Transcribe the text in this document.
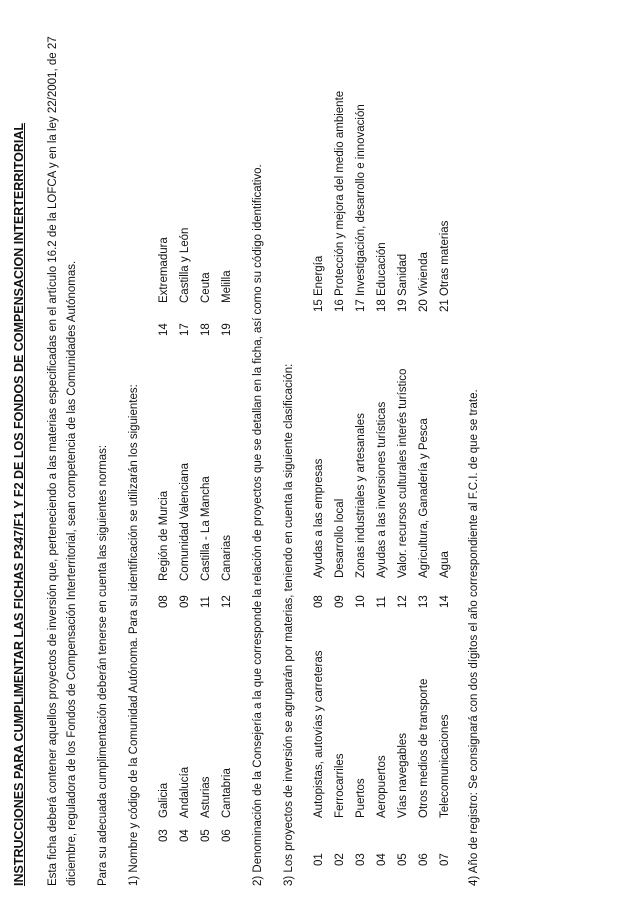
INSTRUCCIONES PARA CUMPLIMENTAR LAS FICHAS P347/F1 Y F2 DE LOS FONDOS DE COMPENSACION INTERTERRITORIAL Esta ficha deberá contener aquellos proyectos de inversión que, perteneciendo a las materias especificadas en el artículo 16.2 de la LOFCA y en la ley 22/2001, de 27 diciembre, reguladora de los Fondos de Compensación Interterritorial, sean competencia de las Comunidades Autónomas. Para su adecuada cumplimentación deberán tenerse en cuenta las siguientes normas: 1) Nombre y código de la Comunidad Autónoma. Para su identificación se utilizarán los siguientes: 03
Galicia
04
Andalucía
05
Asturias
06
Cantabria
08
Región de Murcia
09
Comunidad Valenciana
11
Castilla - La Mancha
12
Canarias
14
Extremadura
17
Castilla y León
18
Ceuta
19
Melilla 2) Denominación de la Consejería a la que corresponde la relación de proyectos que se detallan en la ficha, así como su código identificativo. 3) Los proyectos de inversión se agruparán por materias, teniendo en cuenta la siguiente clasificación: 01
Autopistas, autovías y carreteras
02
Ferrocarriles
03
Puertos
04
Aeropuertos
05
Vías navegables
06
Otros medios de transporte
07
Telecomunicaciones
08
Ayudas a las empresas
09
Desarrollo local
10
Zonas industriales y artesanales
11
Ayudas a las inversiones turísticas
12
Valor. recursos culturales interés turístico
13
Agricultura, Ganadería y Pesca
14
Agua
15 Energía 16 Protección y mejora del medio ambiente 17 Investigación, desarrollo e innovación 18 Educación 19 Sanidad 20 Vivienda 21 Otras materias
4) Año de registro: Se consignará con dos dígitos el año correspondiente al F.C.I. de que se trate.
